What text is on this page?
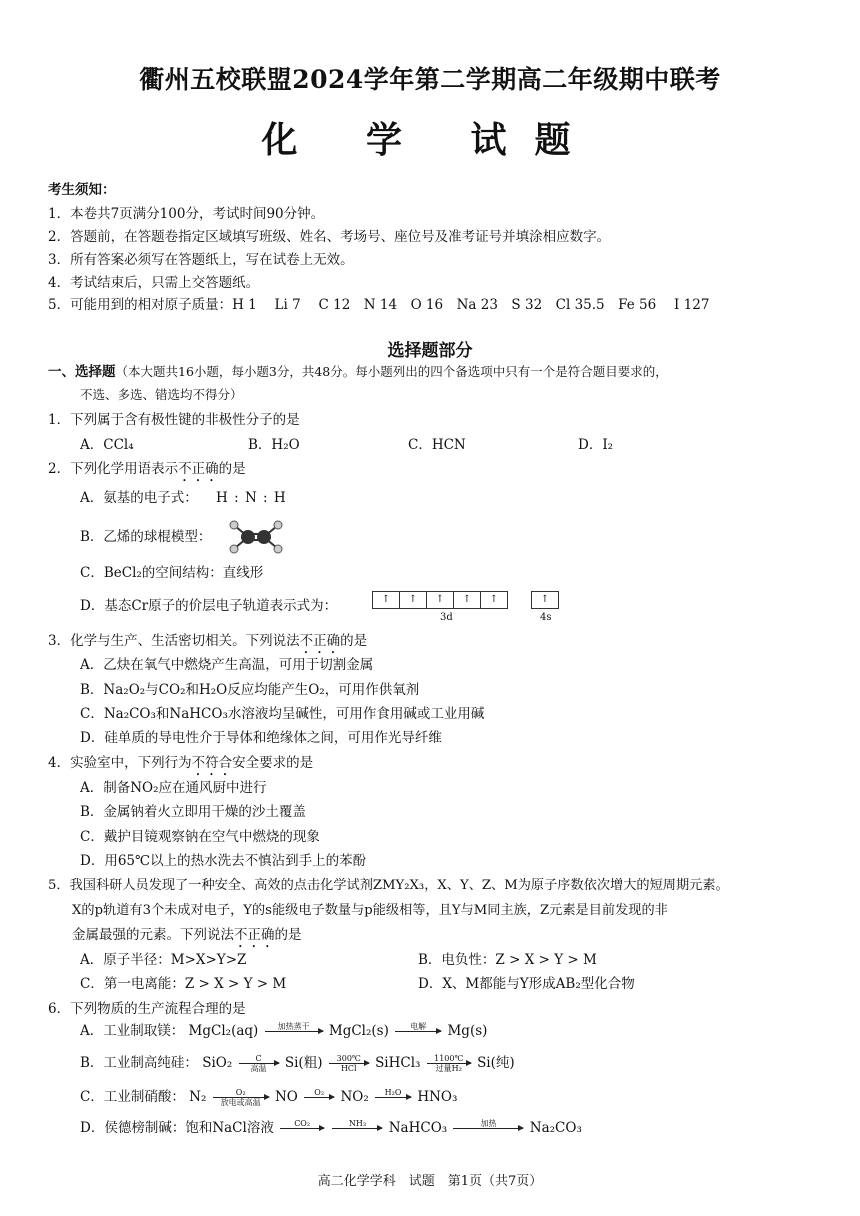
衢州五校联盟2024学年第二学期高二年级期中联考
化 学 试题
考生须知：
1．本卷共7页满分100分，考试时间90分钟。
2．答题前，在答题卷指定区域填写班级、姓名、考场号、座位号及准考证号并填涂相应数字。
3．所有答案必须写在答题纸上，写在试卷上无效。
4．考试结束后，只需上交答题纸。
5．可能用到的相对原子质量：H 1　 Li 7　 C 12　N 14　O 16　Na 23　S 32　Cl 35.5　Fe 56　 I 127
选择题部分
一、选择题（本大题共16小题，每小题3分，共48分。每小题列出的四个备选项中只有一个是符合题目要求的，
不选、多选、错选均不得分）
1．下列属于含有极性键的非极性分子的是
A．CCl₄	B．H₂O	C．HCN	D．I₂
2．下列化学用语表示不正确的是
A．氨基的电子式： H : N : H
B．乙烯的球棍模型：
C．BeCl₂的空间结构：直线形
D．基态Cr原子的价层电子轨道表示式为：	↑ ↑ ↑ ↑ ↑
3d
↑
4s
3．化学与生产、生活密切相关。下列说法不正确的是
A．乙炔在氧气中燃烧产生高温，可用于切割金属
B．Na₂O₂与CO₂和H₂O反应均能产生O₂，可用作供氧剂
C．Na₂CO₃和NaHCO₃水溶液均呈碱性，可用作食用碱或工业用碱
D．硅单质的导电性介于导体和绝缘体之间，可用作光导纤维
4．实验室中，下列行为不符合安全要求的是
A．制备NO₂应在通风厨中进行
B．金属钠着火立即用干燥的沙土覆盖
C．戴护目镜观察钠在空气中燃烧的现象
D．用65℃以上的热水洗去不慎沾到手上的苯酚
5．我国科研人员发现了一种安全、高效的点击化学试剂ZMY₂X₃，X、Y、Z、M为原子序数依次增大的短周期元素。
X的p轨道有3个未成对电子，Y的s能级电子数量与p能级相等，且Y与M同主族，Z元素是目前发现的非
金属最强的元素。下列说法不正确的是
A．原子半径：M>X>Y>Z	B．电负性：Z > X > Y > M
C．第一电离能：Z > X > Y > M	D．X、M都能与Y形成AB₂型化合物
6．下列物质的生产流程合理的是
A．工业制取镁： MgCl₂(aq)	加热蒸干	MgCl₂(s)	电解	Mg(s)
B．工业制高纯硅： SiO₂	C
高温	Si(粗)	300℃
HCl	SiHCl₃	1100℃
过量H₂	Si(纯)
C．工业制硝酸： N₂	O₂
放电或高温	NO	O₂	NO₂	H₂O	HNO₃
D．侯德榜制碱：饱和NaCl溶液	CO₂
	NH₃	NaHCO₃	加热	Na₂CO₃
高二化学学科　试题　第1页（共7页）
